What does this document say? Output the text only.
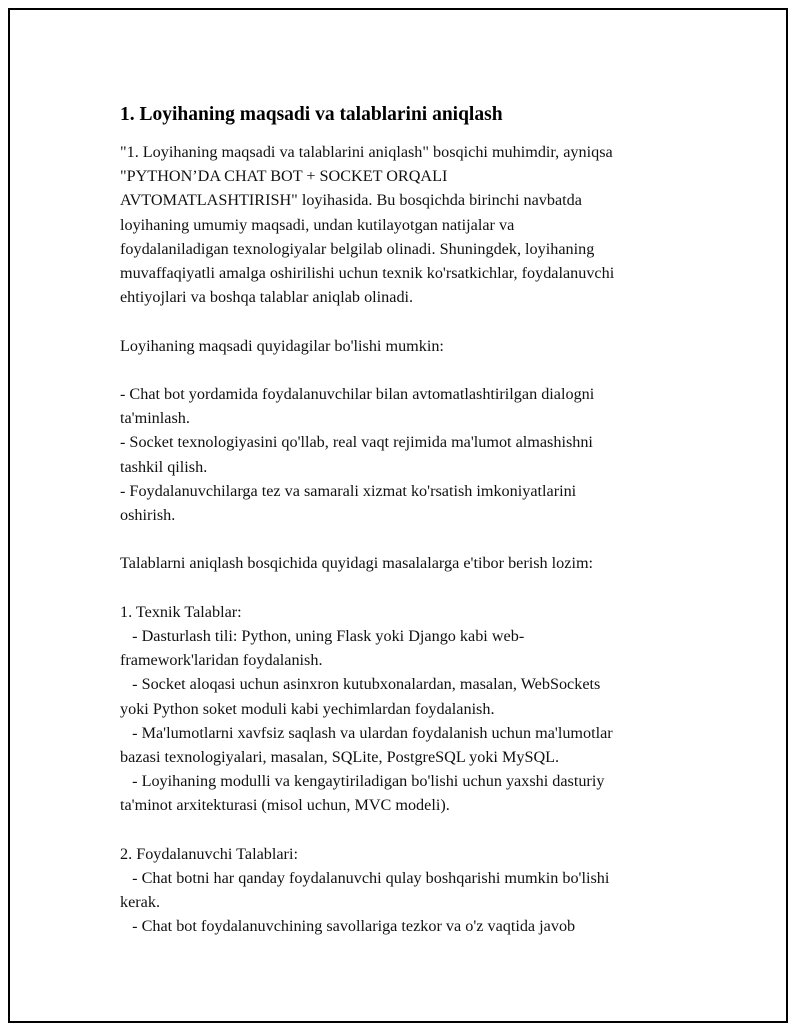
1. Loyihaning maqsadi va talablarini aniqlash

"1. Loyihaning maqsadi va talablarini aniqlash" bosqichi muhimdir, ayniqsa

"PYTHON’DA CHAT BOT + SOCKET ORQALI

AVTOMATLASHTIRISH" loyihasida. Bu bosqichda birinchi navbatda

loyihaning umumiy maqsadi, undan kutilayotgan natijalar va

foydalaniladigan texnologiyalar belgilab olinadi. Shuningdek, loyihaning

muvaffaqiyatli amalga oshirilishi uchun texnik ko'rsatkichlar, foydalanuvchi

ehtiyojlari va boshqa talablar aniqlab olinadi.

Loyihaning maqsadi quyidagilar bo'lishi mumkin:

- Chat bot yordamida foydalanuvchilar bilan avtomatlashtirilgan dialogni

ta'minlash.

- Socket texnologiyasini qo'llab, real vaqt rejimida ma'lumot almashishni

tashkil qilish.

- Foydalanuvchilarga tez va samarali xizmat ko'rsatish imkoniyatlarini

oshirish.

Talablarni aniqlash bosqichida quyidagi masalalarga e'tibor berish lozim:

1. Texnik Talablar:

- Dasturlash tili: Python, uning Flask yoki Django kabi web-

framework'laridan foydalanish.

- Socket aloqasi uchun asinxron kutubxonalardan, masalan, WebSockets

yoki Python soket moduli kabi yechimlardan foydalanish.

- Ma'lumotlarni xavfsiz saqlash va ulardan foydalanish uchun ma'lumotlar

bazasi texnologiyalari, masalan, SQLite, PostgreSQL yoki MySQL.

- Loyihaning modulli va kengaytiriladigan bo'lishi uchun yaxshi dasturiy

ta'minot arxitekturasi (misol uchun, MVC modeli).

2. Foydalanuvchi Talablari:

- Chat botni har qanday foydalanuvchi qulay boshqarishi mumkin bo'lishi

kerak.

- Chat bot foydalanuvchining savollariga tezkor va o'z vaqtida javob
